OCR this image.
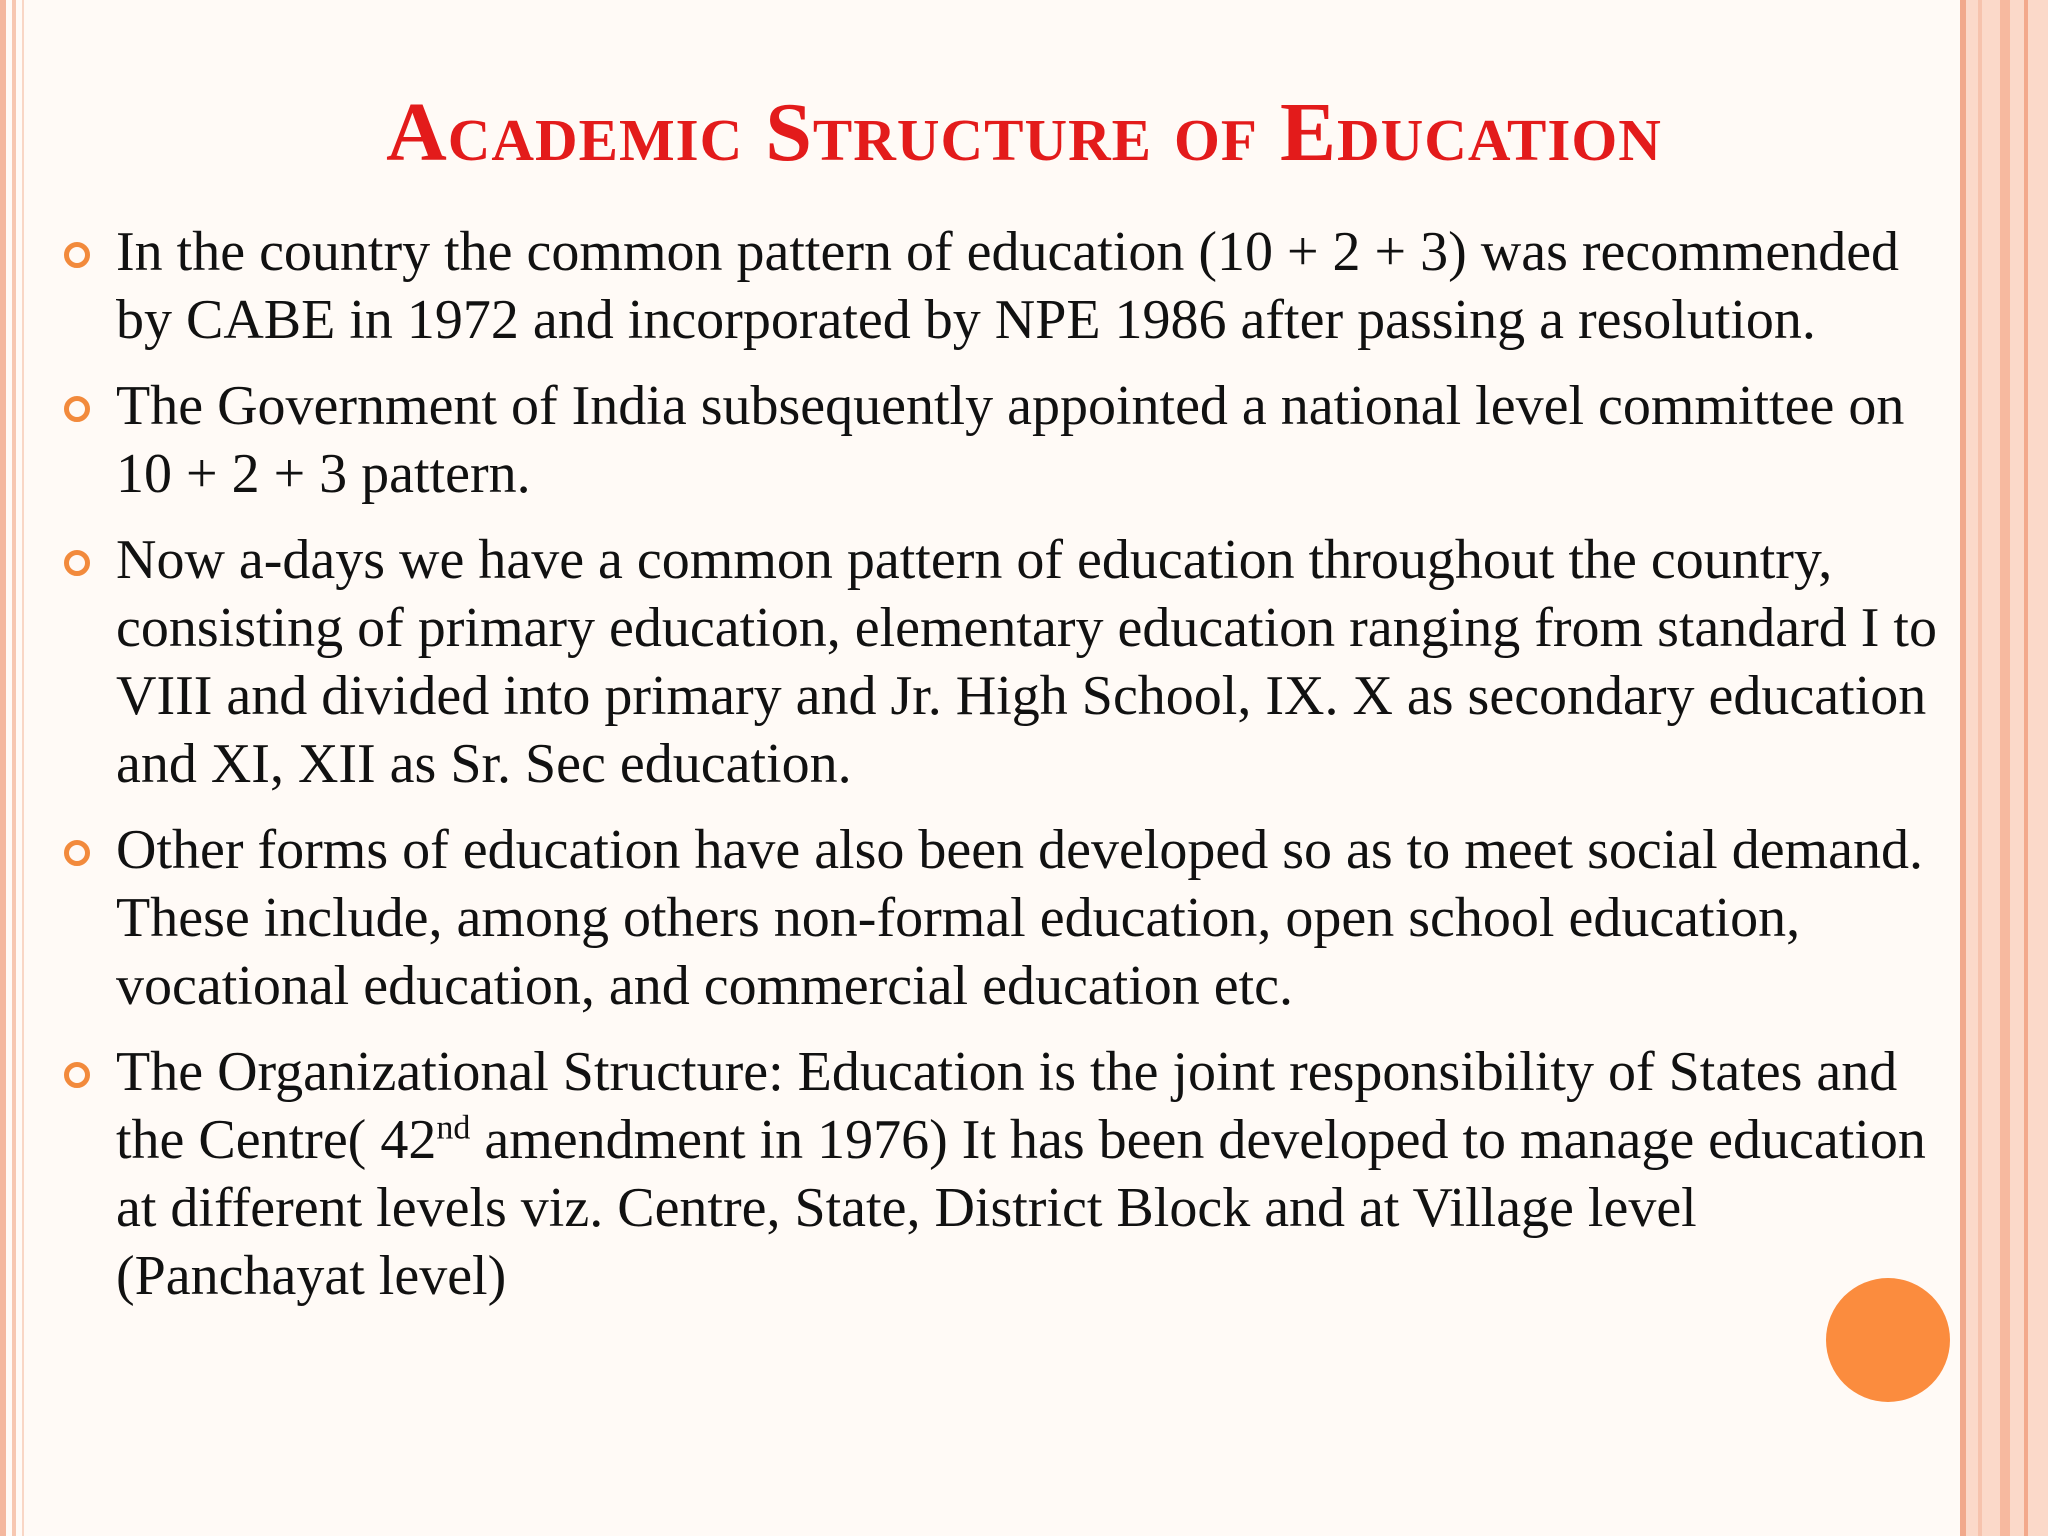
Academic Structure of Education
In the country the common pattern of education (10 + 2 + 3) was recommended by CABE in 1972 and incorporated by NPE 1986 after passing a resolution.
The Government of India subsequently appointed a national level committee on 10 + 2 + 3 pattern.
Now a-days we have a common pattern of education throughout the country, consisting of primary education, elementary education ranging from standard I to VIII and divided into primary and Jr. High School, IX. X as secondary education and XI, XII as Sr. Sec education.
Other forms of education have also been developed so as to meet social demand. These include, among others non-formal education, open school education, vocational education, and commercial education etc.
The Organizational Structure: Education is the joint responsibility of States and the Centre( 42nd amendment in 1976) It has been developed to manage education at different levels viz. Centre, State, District Block and at Village level (Panchayat level)
